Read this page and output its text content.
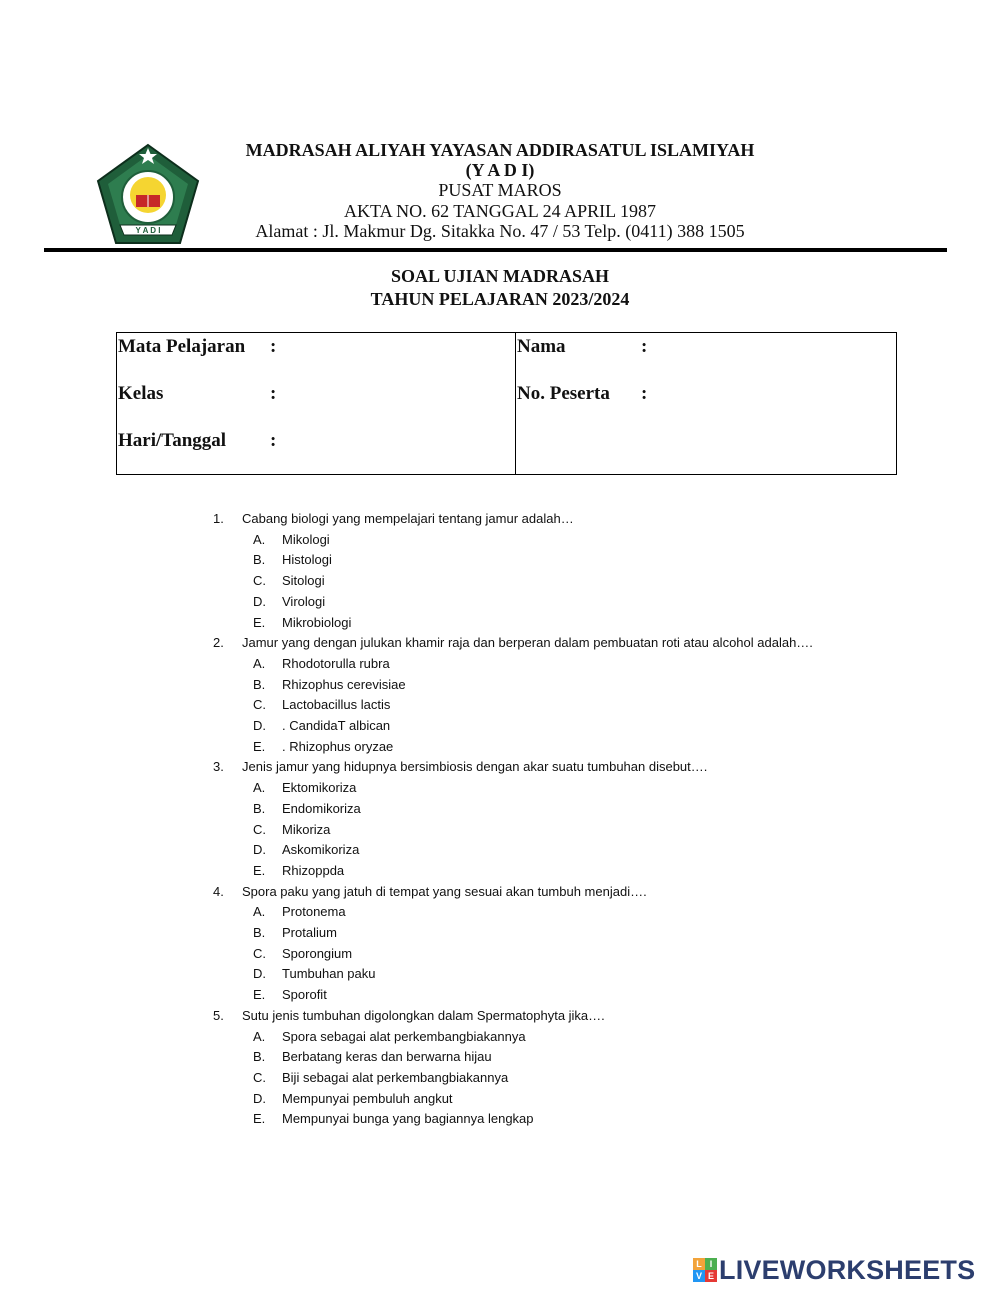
Y A D I
MADRASAH ALIYAH YAYASAN ADDIRASATUL ISLAMIYAH
(Y A D I)
PUSAT MAROS
AKTA NO. 62 TANGGAL 24 APRIL 1987
Alamat : Jl. Makmur Dg. Sitakka No. 47 / 53 Telp. (0411) 388 1505
SOAL UJIAN MADRASAH
TAHUN PELAJARAN 2023/2024
Mata Pelajaran :
Kelas	:
Hari/Tanggal :
Nama	:
No. Peserta :
1. Cabang biologi yang mempelajari tentang jamur adalah…
A. Mikologi
B. Histologi
C. Sitologi
D. Virologi
E. Mikrobiologi
2. Jamur yang dengan julukan khamir raja dan berperan dalam pembuatan roti atau alcohol adalah….
A. Rhodotorulla rubra
B. Rhizophus cerevisiae
C. Lactobacillus lactis
D. . CandidaT albican
E. . Rhizophus oryzae
3. Jenis jamur yang hidupnya bersimbiosis dengan akar suatu tumbuhan disebut….
A. Ektomikoriza
B. Endomikoriza
C. Mikoriza
D. Askomikoriza
E. Rhizoppda
4. Spora paku yang jatuh di tempat yang sesuai akan tumbuh menjadi….
A. Protonema
B. Protalium
C. Sporongium
D. Tumbuhan paku
E. Sporofit
5. Sutu jenis tumbuhan digolongkan dalam Spermatophyta jika….
A. Spora sebagai alat perkembangbiakannya
B. Berbatang keras dan berwarna hijau
C. Biji sebagai alat perkembangbiakannya
D. Mempunyai pembuluh angkut
E. Mempunyai bunga yang bagiannya lengkap
L I
V E LIVEWORKSHEETS
